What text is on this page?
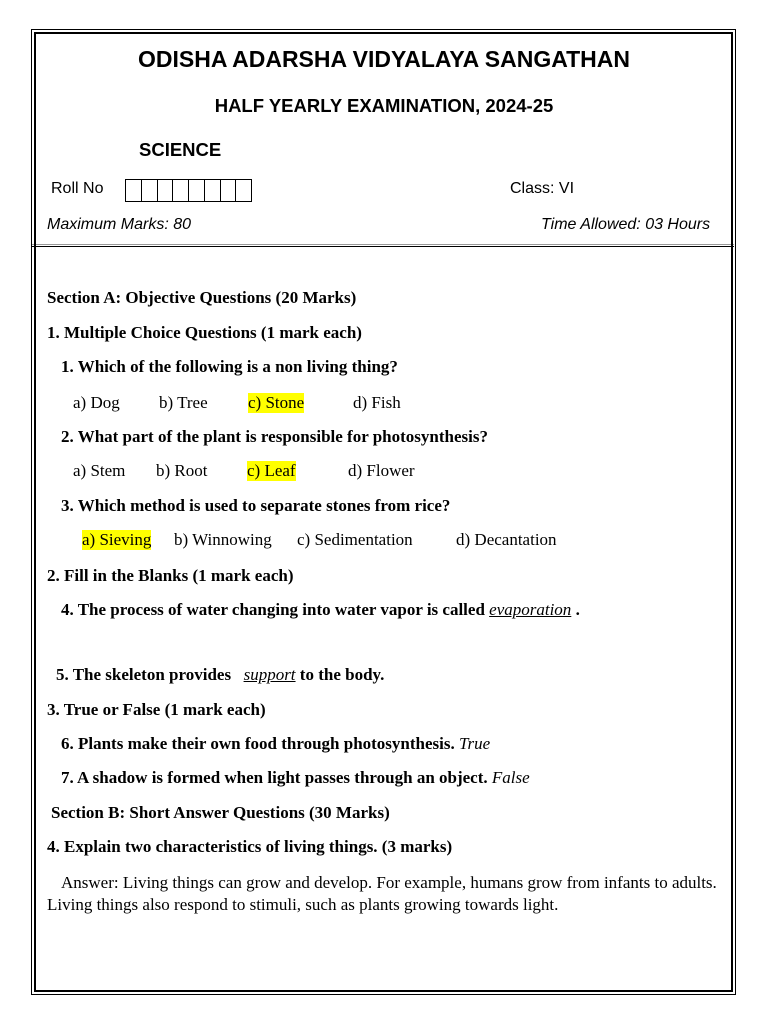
ODISHA ADARSHA VIDYALAYA SANGATHAN
HALF YEARLY EXAMINATION, 2024-25
SCIENCE
Roll No	Class: VI
Maximum Marks: 80	Time Allowed: 03 Hours
Section A: Objective Questions (20 Marks)
1. Multiple Choice Questions (1 mark each)
1. Which of the following is a non living thing?
a) Dog b) Tree c) Stone	d) Fish
2. What part of the plant is responsible for photosynthesis?
a) Stem b) Root c) Leaf	d) Flower
3. Which method is used to separate stones from rice?
a) Sieving b) Winnowing c) Sedimentation	d) Decantation
2. Fill in the Blanks (1 mark each)
4. The process of water changing into water vapor is called evaporation .
5. The skeleton provides support to the body.
3. True or False (1 mark each)
6. Plants make their own food through photosynthesis. True
7. A shadow is formed when light passes through an object. False
Section B: Short Answer Questions (30 Marks)
4. Explain two characteristics of living things. (3 marks)
Answer: Living things can grow and develop. For example, humans grow from infants to adults. Living things also respond to stimuli, such as plants growing towards light.
